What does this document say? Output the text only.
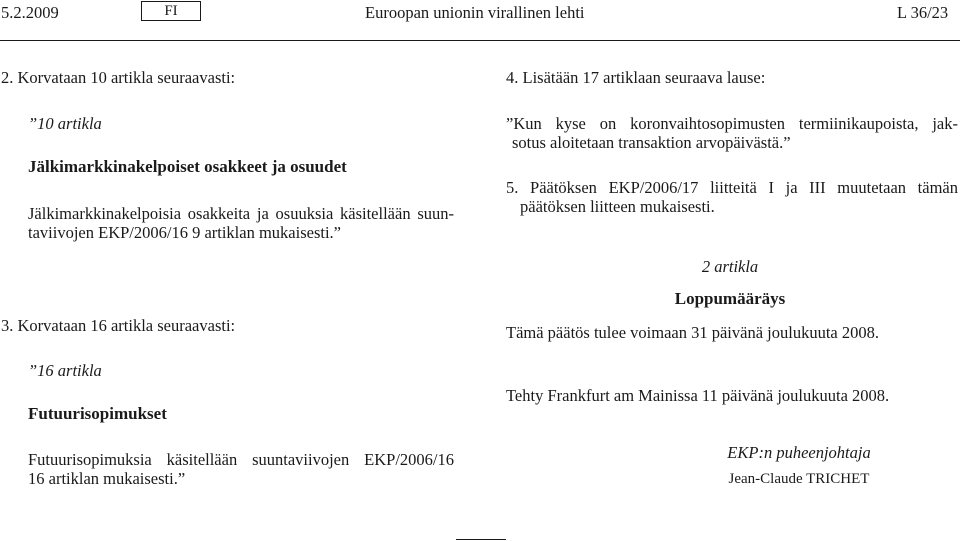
5.2.2009	FI	Euroopan unionin virallinen lehti	L 36/23
2. Korvataan 10 artikla seuraavasti:
”10 artikla
Jälkimarkkinakelpoiset osakkeet ja osuudet
Jälkimarkkinakelpoisia osakkeita ja osuuksia käsitellään suun-
taviivojen EKP/2006/16 9 artiklan mukaisesti.”
3. Korvataan 16 artikla seuraavasti:
”16 artikla
Futuurisopimukset
Futuurisopimuksia käsitellään suuntaviivojen EKP/2006/16
16 artiklan mukaisesti.”
4. Lisätään 17 artiklaan seuraava lause:
”Kun kyse on koronvaihtosopimusten termiinikaupoista, jak-
sotus aloitetaan transaktion arvopäivästä.”
5. Päätöksen EKP/2006/17 liitteitä I ja III muutetaan tämän
päätöksen liitteen mukaisesti.
2 artikla
Loppumääräys
Tämä päätös tulee voimaan 31 päivänä joulukuuta 2008.
Tehty Frankfurt am Mainissa 11 päivänä joulukuuta 2008.
EKP:n puheenjohtaja
Jean-Claude TRICHET
